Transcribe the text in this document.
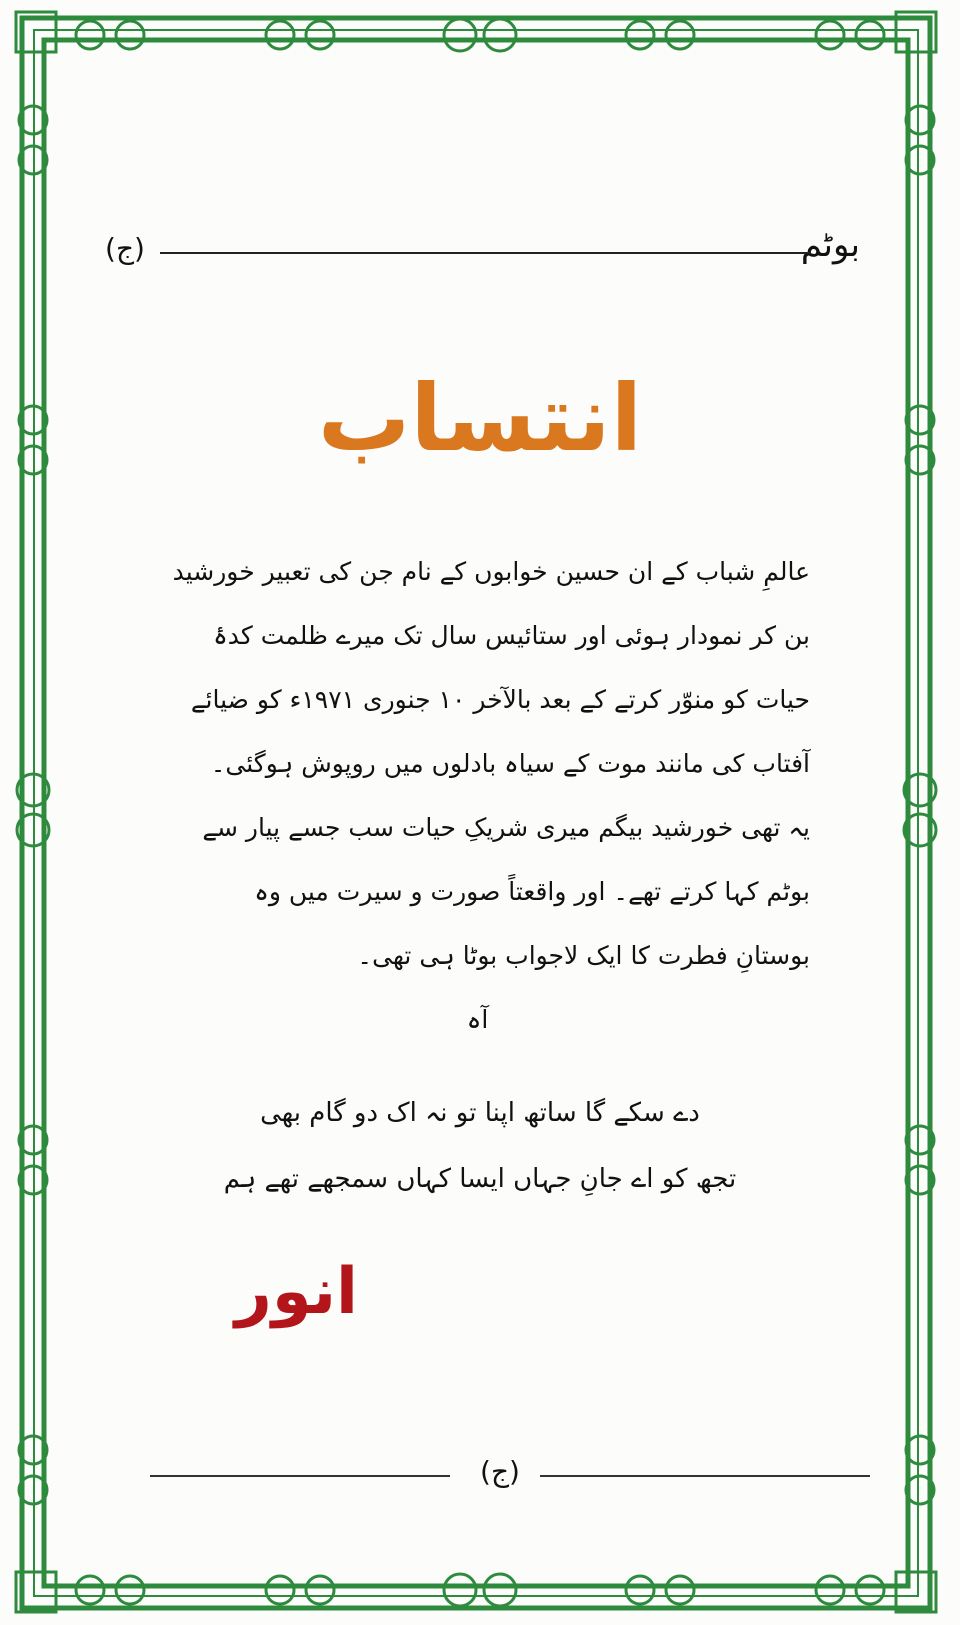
بوٹم
(ج)
انتساب
عالمِ شباب کے ان حسین خوابوں کے نام جن کی تعبیر خورشید
بن کر نمودار ہوئی اور ستائیس سال تک میرے ظلمت کدۂ
حیات کو منوّر کرتے کے بعد بالآخر ۱۰ جنوری ۱۹۷۱ء کو ضیائے
آفتاب کی مانند موت کے سیاہ بادلوں میں روپوش ہوگئی۔
یہ تھی خورشید بیگم میری شریکِ حیات سب جسے پیار سے
بوٹم کہا کرتے تھے۔ اور واقعتاً صورت و سیرت میں وہ
بوستانِ فطرت کا ایک لاجواب بوٹا ہی تھی۔
آہ
دے سکے گا ساتھ اپنا تو نہ اک دو گام بھی
تجھ کو اے جانِ جہاں ایسا کہاں سمجھے تھے ہم
انور
(ج)
